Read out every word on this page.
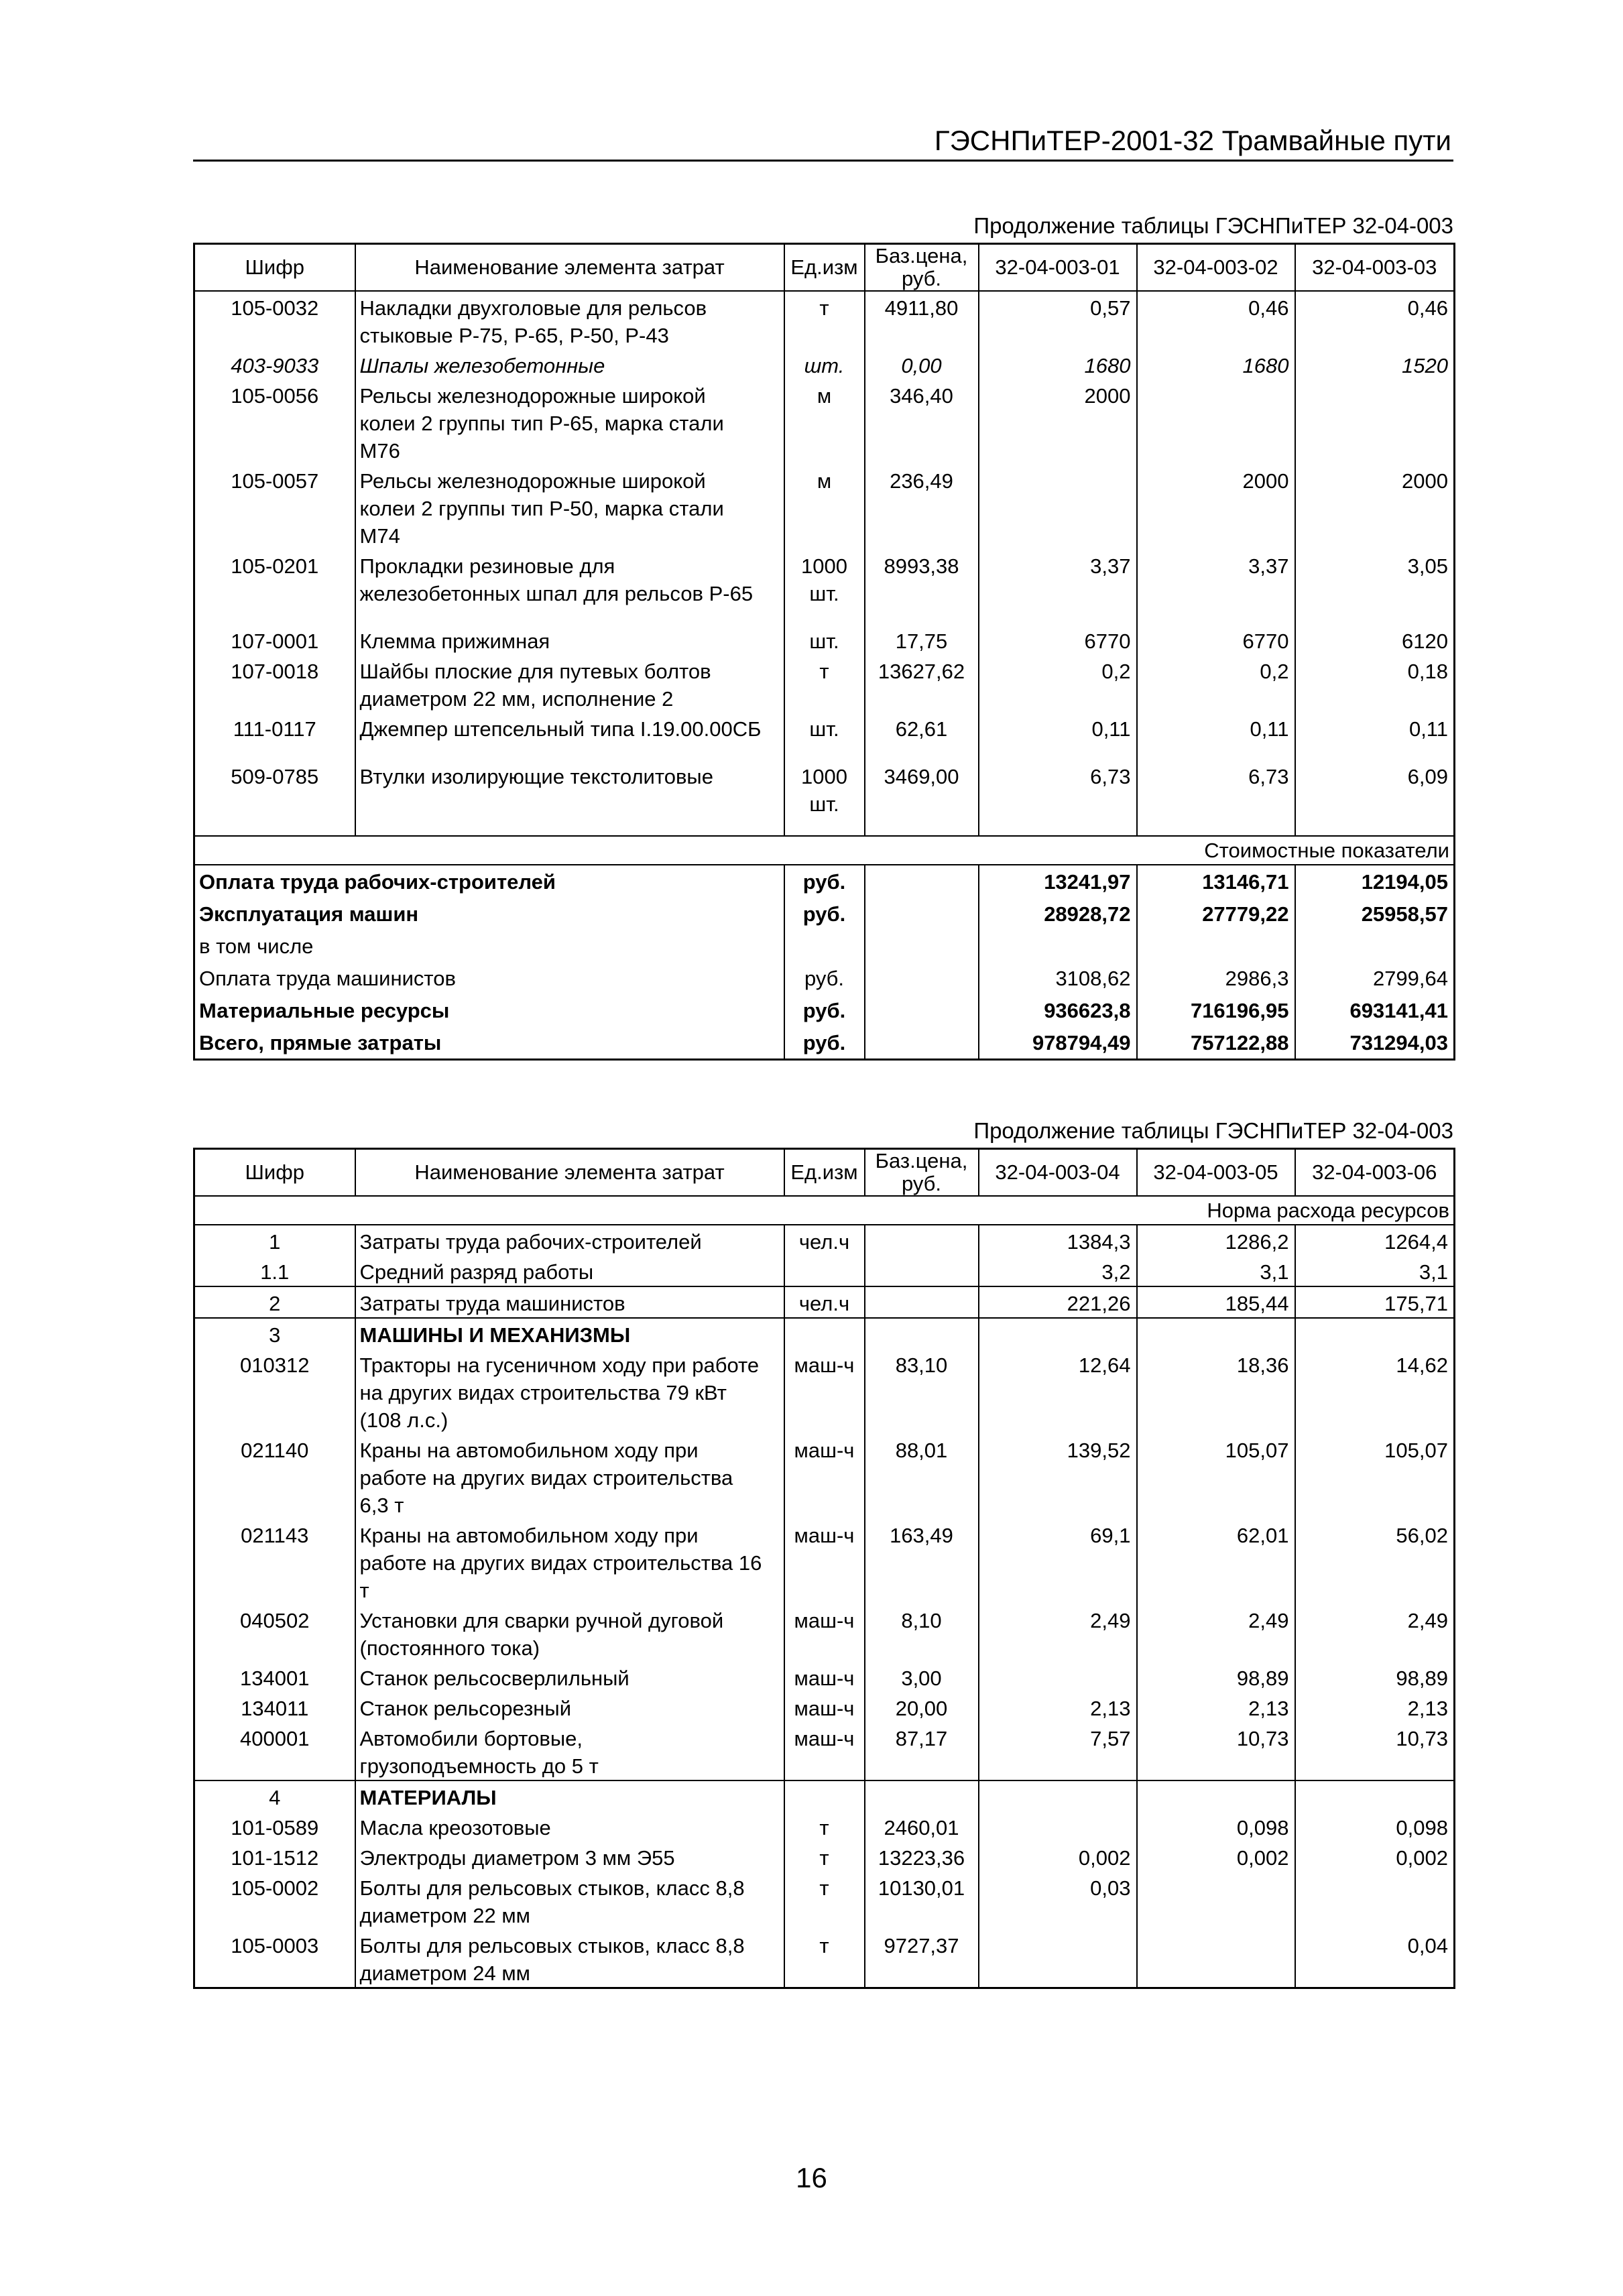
ГЭСНПиТЕР-2001-32 Трамвайные пути
Продолжение таблицы ГЭСНПиТЕР 32-04-003
Шифр	Наименование элемента затрат	Ед.изм	Баз.цена, руб.	32-04-003-01	32-04-003-02	32-04-003-03
105-0032	Накладки двухголовые для рельсов
стыковые Р-75, Р-65, Р-50, Р-43	т	4911,80	0,57	0,46	0,46
403-9033	Шпалы железобетонные	шт.	0,00	1680	1680	1520
105-0056	Рельсы железнодорожные широкой
колеи 2 группы тип Р-65, марка стали
М76	м	346,40	2000		
105-0057	Рельсы железнодорожные широкой
колеи 2 группы тип Р-50, марка стали
М74	м	236,49		2000	2000
105-0201	Прокладки резиновые для
железобетонных шпал для рельсов Р-65	1000 шт.	8993,38	3,37	3,37	3,05

107-0001	Клемма прижимная	шт.	17,75	6770	6770	6120
107-0018	Шайбы плоские для путевых болтов
диаметром 22 мм, исполнение 2	т	13627,62	0,2	0,2	0,18
111-0117	Джемпер штепсельный типа I.19.00.00СБ	шт.	62,61	0,11	0,11	0,11

509-0785	Втулки изолирующие текстолитовые	1000 шт.	3469,00	6,73	6,73	6,09

Стоимостные показатели						
Оплата труда рабочих-строителей		руб.		13241,97	13146,71	12194,05
Эксплуатация машин		руб.		28928,72	27779,22	25958,57
в том числе						
Оплата труда машинистов		руб.		3108,62	2986,3	2799,64
Материальные ресурсы		руб.		936623,8	716196,95	693141,41
Всего, прямые затраты		руб.		978794,49	757122,88	731294,03
Продолжение таблицы ГЭСНПиТЕР 32-04-003
Шифр	Наименование элемента затрат	Ед.изм	Баз.цена, руб.	32-04-003-04	32-04-003-05	32-04-003-06
Норма расхода ресурсов						
1	Затраты труда рабочих-строителей	чел.ч		1384,3	1286,2	1264,4
1.1	Средний разряд работы			3,2	3,1	3,1
2	Затраты труда машинистов	чел.ч		221,26	185,44	175,71
3	МАШИНЫ И МЕХАНИЗМЫ					

010312	Тракторы на гусеничном ходу при работе
на других видах строительства 79 кВт
(108 л.с.)	маш-ч	83,10	12,64	18,36	14,62
021140	Краны на автомобильном ходу при
работе на других видах строительства
6,3 т	маш-ч	88,01	139,52	105,07	105,07
021143	Краны на автомобильном ходу при
работе на других видах строительства 16
т	маш-ч	163,49	69,1	62,01	56,02
040502	Установки для сварки ручной дуговой
(постоянного тока)	маш-ч	8,10	2,49	2,49	2,49
134001	Станок рельсосверлильный	маш-ч	3,00		98,89	98,89
134011	Станок рельсорезный	маш-ч	20,00	2,13	2,13	2,13
400001	Автомобили бортовые,
грузоподъемность до 5 т	маш-ч	87,17	7,57	10,73	10,73
4	МАТЕРИАЛЫ					

101-0589	Масла креозотовые	т	2460,01		0,098	0,098
101-1512	Электроды диаметром 3 мм Э55	т	13223,36	0,002	0,002	0,002
105-0002	Болты для рельсовых стыков, класс 8,8
диаметром 22 мм	т	10130,01	0,03		
105-0003	Болты для рельсовых стыков, класс 8,8
диаметром 24 мм	т	9727,37			0,04
16
